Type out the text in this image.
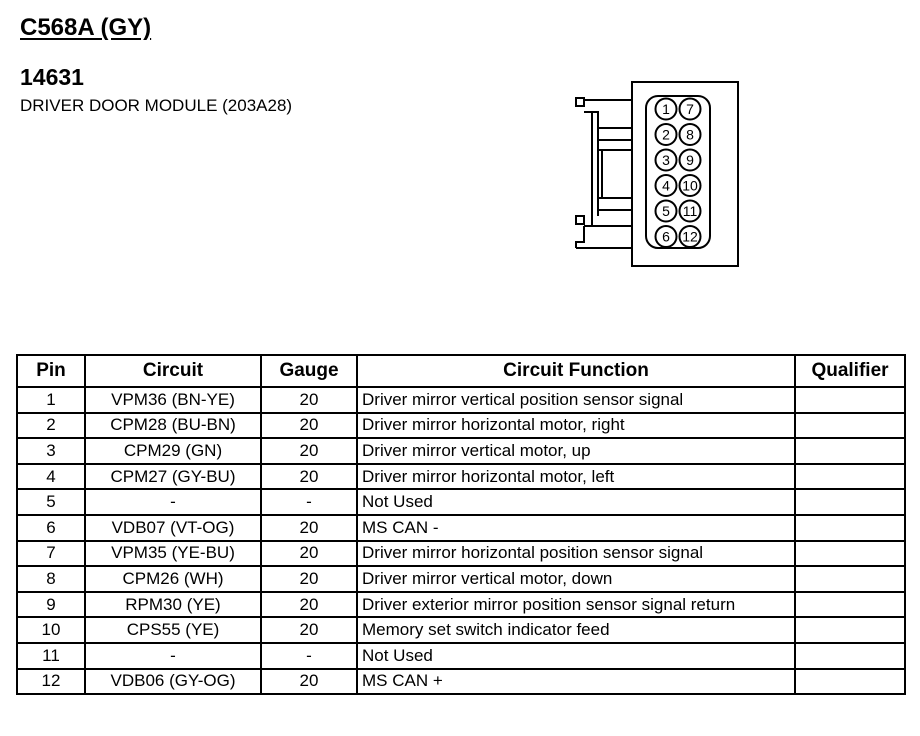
C568A (GY)
14631
DRIVER DOOR MODULE (203A28)	1
2
3
4
5
6
7
8
9
10
11
12
Pin	Circuit	Gauge	Circuit Function	Qualifier
1	VPM36 (BN-YE)	20	Driver mirror vertical position sensor signal	
2	CPM28 (BU-BN)	20	Driver mirror horizontal motor, right	
3	CPM29 (GN)	20	Driver mirror vertical motor, up	
4	CPM27 (GY-BU)	20	Driver mirror horizontal motor, left	
5	-	-	Not Used	
6	VDB07 (VT-OG)	20	MS CAN -	
7	VPM35 (YE-BU)	20	Driver mirror horizontal position sensor signal	
8	CPM26 (WH)	20	Driver mirror vertical motor, down	
9	RPM30 (YE)	20	Driver exterior mirror position sensor signal return	
10	CPS55 (YE)	20	Memory set switch indicator feed	
11	-	-	Not Used	
12	VDB06 (GY-OG)	20	MS CAN +	
